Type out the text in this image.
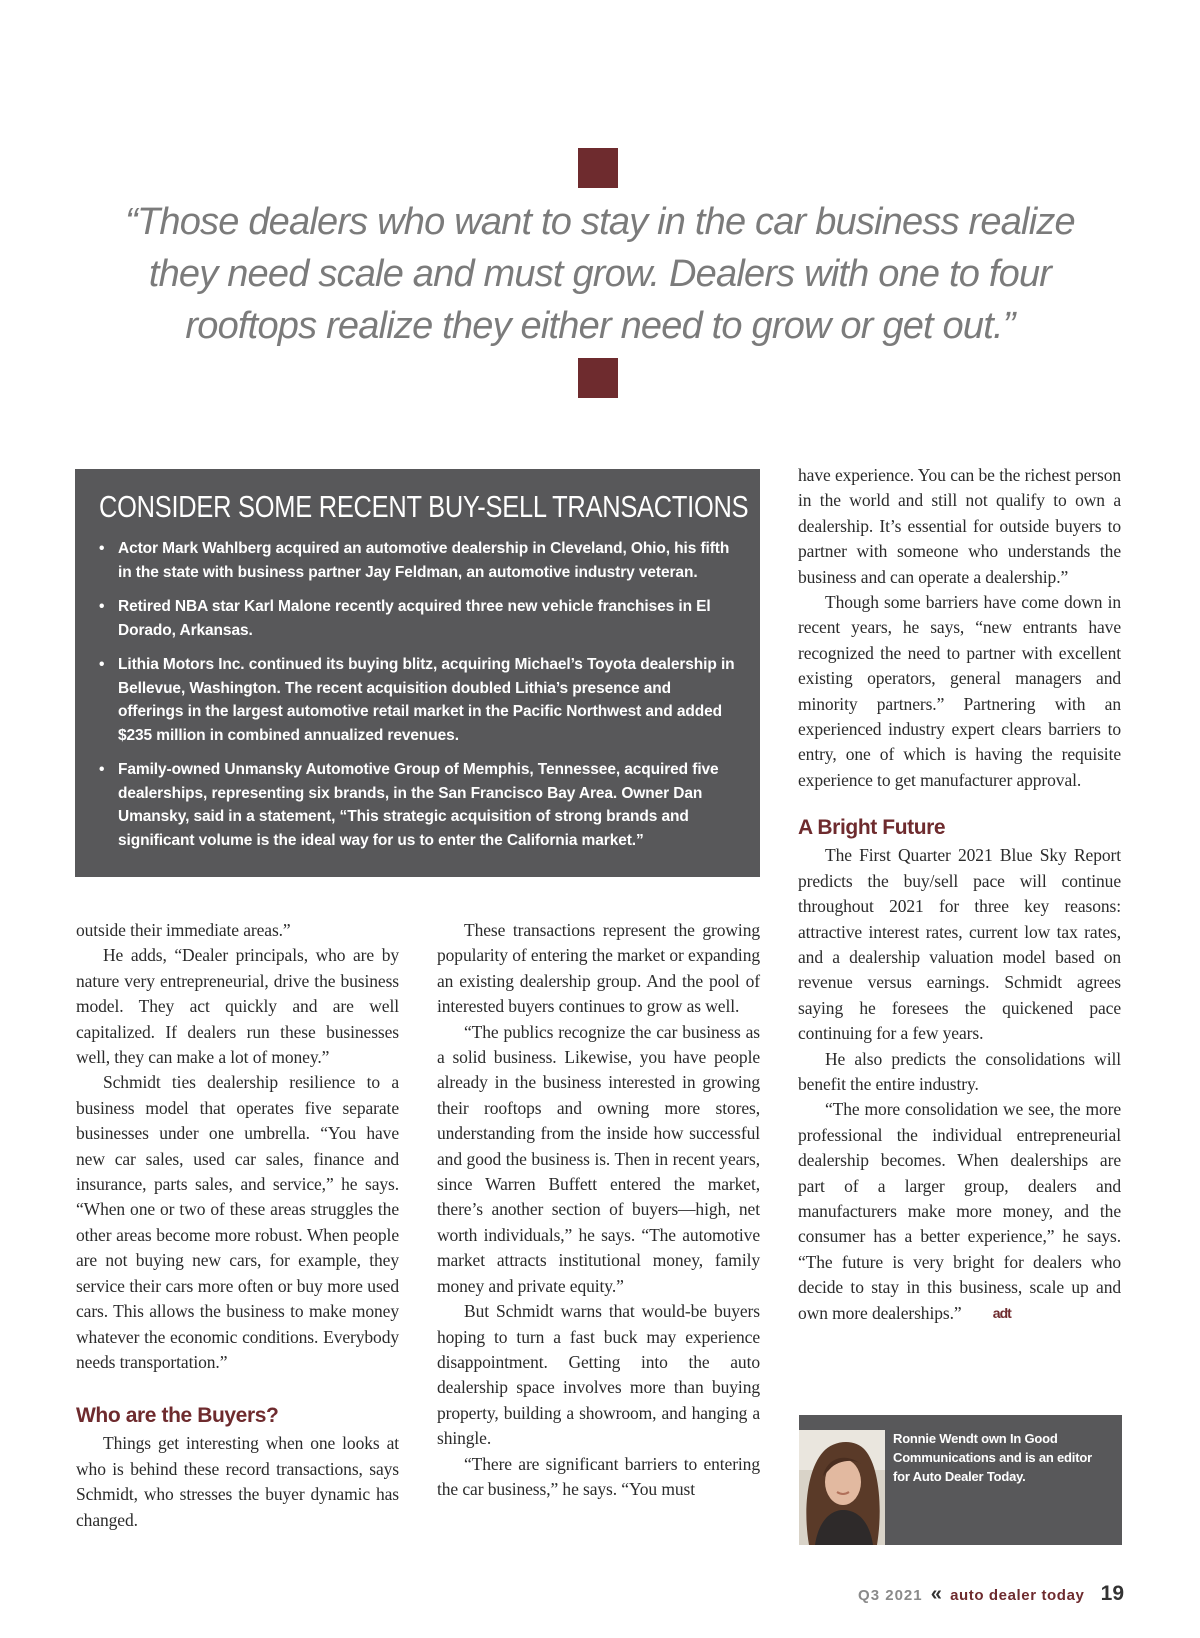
“Those dealers who want to stay in the car business realize they need scale and must grow. Dealers with one to four rooftops realize they either need to grow or get out.”

CONSIDER SOME RECENT BUY-SELL TRANSACTIONS
• Actor Mark Wahlberg acquired an automotive dealership in Cleveland, Ohio, his fifth in the state with business partner Jay Feldman, an automotive industry veteran.
• Retired NBA star Karl Malone recently acquired three new vehicle franchises in El Dorado, Arkansas.
• Lithia Motors Inc. continued its buying blitz, acquiring Michael’s Toyota dealership in Bellevue, Washington. The recent acquisition doubled Lithia’s presence and offerings in the largest automotive retail market in the Pacific Northwest and added $235 million in combined annualized revenues.
• Family-owned Unmansky Automotive Group of Memphis, Tennessee, acquired five dealerships, representing six brands, in the San Francisco Bay Area. Owner Dan Umansky, said in a statement, “This strategic acquisition of strong brands and significant volume is the ideal way for us to enter the California market.”

outside their immediate areas.”

He adds, “Dealer principals, who are by nature very entrepreneurial, drive the business model. They act quickly and are well capitalized. If dealers run these businesses well, they can make a lot of money.”

Schmidt ties dealership resilience to a business model that operates five separate businesses under one umbrella. “You have new car sales, used car sales, finance and insurance, parts sales, and service,” he says. “When one or two of these areas struggles the other areas become more robust. When people are not buying new cars, for example, they service their cars more often or buy more used cars. This allows the business to make money whatever the economic conditions. Everybody needs transportation.”

Who are the Buyers?

Things get interesting when one looks at who is behind these record transactions, says Schmidt, who stresses the buyer dynamic has changed.

These transactions represent the growing popularity of entering the market or expanding an existing dealership group. And the pool of interested buyers continues to grow as well.

“The publics recognize the car business as a solid business. Likewise, you have people already in the business interested in growing their rooftops and owning more stores, understanding from the inside how successful and good the business is. Then in recent years, since Warren Buffett entered the market, there’s another section of buyers—high, net worth individuals,” he says. “The automotive market attracts institutional money, family money and private equity.”

But Schmidt warns that would-be buyers hoping to turn a fast buck may experience disappointment. Getting into the auto dealership space involves more than buying property, building a showroom, and hanging a shingle.

“There are significant barriers to entering the car business,” he says. “You must

have experience. You can be the richest person in the world and still not qualify to own a dealership. It’s essential for outside buyers to partner with someone who understands the business and can operate a dealership.”

Though some barriers have come down in recent years, he says, “new entrants have recognized the need to partner with excellent existing operators, general managers and minority partners.” Partnering with an experienced industry expert clears barriers to entry, one of which is having the requisite experience to get manufacturer approval.

A Bright Future

The First Quarter 2021 Blue Sky Report predicts the buy/sell pace will continue throughout 2021 for three key reasons: attractive interest rates, current low tax rates, and a dealership valuation model based on revenue versus earnings. Schmidt agrees saying he foresees the quickened pace continuing for a few years.

He also predicts the consolidations will benefit the entire industry.

“The more consolidation we see, the more professional the individual entrepreneurial dealership becomes. When dealerships are part of a larger group, dealers and manufacturers make more money, and the consumer has a better experience,” he says. “The future is very bright for dealers who decide to stay in this business, scale up and own more dealerships.” adt

Ronnie Wendt own In Good Communications and is an editor for Auto Dealer Today.

Q3 2021 « auto dealer today 19
